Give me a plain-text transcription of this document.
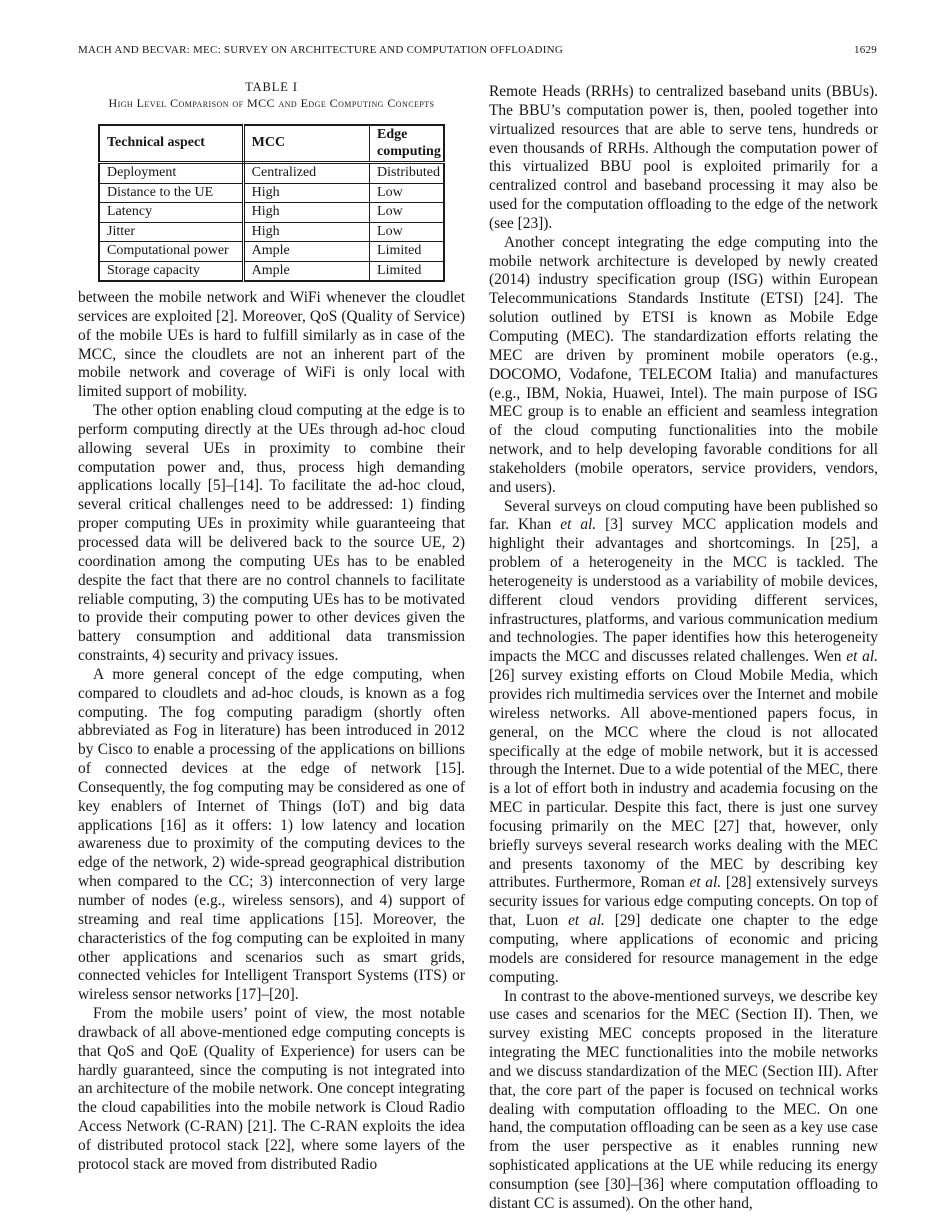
MACH AND BECVAR: MEC: SURVEY ON ARCHITECTURE AND COMPUTATION OFFLOADING	1629
TABLE I
High Level Comparison of MCC and Edge Computing Concepts
Technical aspect	MCC	Edge computing
Deployment	Centralized	Distributed
Distance to the UE	High	Low
Latency	High	Low
Jitter	High	Low
Computational power	Ample	Limited
Storage capacity	Ample	Limited

between the mobile network and WiFi whenever the cloudlet services are exploited [2]. Moreover, QoS (Quality of Service) of the mobile UEs is hard to fulfill similarly as in case of the MCC, since the cloudlets are not an inherent part of the mobile network and coverage of WiFi is only local with limited support of mobility.

The other option enabling cloud computing at the edge is to perform computing directly at the UEs through ad-hoc cloud allowing several UEs in proximity to combine their computation power and, thus, process high demanding applications locally [5]–[14]. To facilitate the ad-hoc cloud, several critical challenges need to be addressed: 1) finding proper computing UEs in proximity while guaranteeing that processed data will be delivered back to the source UE, 2) coordination among the computing UEs has to be enabled despite the fact that there are no control channels to facilitate reliable computing, 3) the computing UEs has to be motivated to provide their computing power to other devices given the battery consumption and additional data transmission constraints, 4) security and privacy issues.

A more general concept of the edge computing, when compared to cloudlets and ad-hoc clouds, is known as a fog computing. The fog computing paradigm (shortly often abbreviated as Fog in literature) has been introduced in 2012 by Cisco to enable a processing of the applications on billions of connected devices at the edge of network [15]. Consequently, the fog computing may be considered as one of key enablers of Internet of Things (IoT) and big data applications [16] as it offers: 1) low latency and location awareness due to proximity of the computing devices to the edge of the network, 2) wide-spread geographical distribution when compared to the CC; 3) interconnection of very large number of nodes (e.g., wireless sensors), and 4) support of streaming and real time applications [15]. Moreover, the characteristics of the fog computing can be exploited in many other applications and scenarios such as smart grids, connected vehicles for Intelligent Transport Systems (ITS) or wireless sensor networks [17]–[20].

From the mobile users’ point of view, the most notable drawback of all above-mentioned edge computing concepts is that QoS and QoE (Quality of Experience) for users can be hardly guaranteed, since the computing is not integrated into an architecture of the mobile network. One concept integrating the cloud capabilities into the mobile network is Cloud Radio Access Network (C-RAN) [21]. The C-RAN exploits the idea of distributed protocol stack [22], where some layers of the protocol stack are moved from distributed Radio

Remote Heads (RRHs) to centralized baseband units (BBUs). The BBU’s computation power is, then, pooled together into virtualized resources that are able to serve tens, hundreds or even thousands of RRHs. Although the computation power of this virtualized BBU pool is exploited primarily for a centralized control and baseband processing it may also be used for the computation offloading to the edge of the network (see [23]).

Another concept integrating the edge computing into the mobile network architecture is developed by newly created (2014) industry specification group (ISG) within European Telecommunications Standards Institute (ETSI) [24]. The solution outlined by ETSI is known as Mobile Edge Computing (MEC). The standardization efforts relating the MEC are driven by prominent mobile operators (e.g., DOCOMO, Vodafone, TELECOM Italia) and manufactures (e.g., IBM, Nokia, Huawei, Intel). The main purpose of ISG MEC group is to enable an efficient and seamless integration of the cloud computing functionalities into the mobile network, and to help developing favorable conditions for all stakeholders (mobile operators, service providers, vendors, and users).

Several surveys on cloud computing have been published so far. Khan et al. [3] survey MCC application models and highlight their advantages and shortcomings. In [25], a problem of a heterogeneity in the MCC is tackled. The heterogeneity is understood as a variability of mobile devices, different cloud vendors providing different services, infrastructures, platforms, and various communication medium and technologies. The paper identifies how this heterogeneity impacts the MCC and discusses related challenges. Wen et al. [26] survey existing efforts on Cloud Mobile Media, which provides rich multimedia services over the Internet and mobile wireless networks. All above-mentioned papers focus, in general, on the MCC where the cloud is not allocated specifically at the edge of mobile network, but it is accessed through the Internet. Due to a wide potential of the MEC, there is a lot of effort both in industry and academia focusing on the MEC in particular. Despite this fact, there is just one survey focusing primarily on the MEC [27] that, however, only briefly surveys several research works dealing with the MEC and presents taxonomy of the MEC by describing key attributes. Furthermore, Roman et al. [28] extensively surveys security issues for various edge computing concepts. On top of that, Luon et al. [29] dedicate one chapter to the edge computing, where applications of economic and pricing models are considered for resource management in the edge computing.

In contrast to the above-mentioned surveys, we describe key use cases and scenarios for the MEC (Section II). Then, we survey existing MEC concepts proposed in the literature integrating the MEC functionalities into the mobile networks and we discuss standardization of the MEC (Section III). After that, the core part of the paper is focused on technical works dealing with computation offloading to the MEC. On one hand, the computation offloading can be seen as a key use case from the user perspective as it enables running new sophisticated applications at the UE while reducing its energy consumption (see [30]–[36] where computation offloading to distant CC is assumed). On the other hand,
